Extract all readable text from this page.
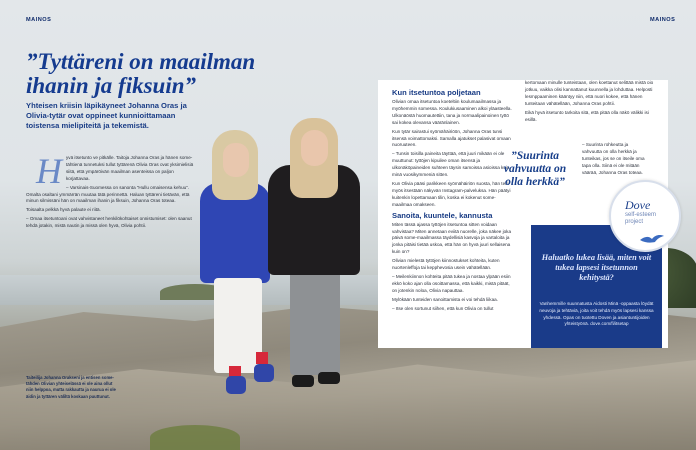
MAINOS	MAINOS
”Tyttäreni on maailman ihanin ja fiksuin”
Yhteisen kriisin läpikäyneet Johanna Oras ja Olivia-tytär ovat oppineet kunnioittamaan toistensa mielipiteitä ja tekemistä.
H yvä itsetunto ve pitkälle. Taitoja Johanna Oras ja hänen some-tähtienä tunnetuksi tullut tyttärenä Olivia Oras ovat yksimielisiä siitä, että ympäröivän maailman asenteissa on paljon korjattavaa.

– Varsinais-Suomessa on sanonta ”Hullu omaisensa kehuu”. Omalta osaltani ymmärrän muutaa tätä perinnettä. Haluan tyttäreni tietävän, että minun silmissäni hän on maailman ihanin ja fiksuin, Johanna Oras toteaa.

Toisaalta pelkkä hyvä palaute ei riitä.

– Omaa itsetuntoani ovat vahvistaneet henkilökohtaiset onnistumiset: olen saanut tehdä jotakin, mistä nautin ja missä olen hyvä, Olivia pohtii.

Taiteilija Johanna Orakseni ja entisen some-tähden Olivian yhteiselässä ei ole aina ollut niin helppoa, mutta rakkautta ja naurua ei ole äidin ja tyttären väliltä koskaan puuttunut.
Kun itsetuntoa poljetaan

Olivian omaa itsetuntoa koeteltiin koulumaailmassa ja myöhemmin somessa. Koulukiusaaminen alkoi yläasteella. Ulkonäöstä huomautettiin, tana ja normaalipainoinen tyttö sai kokea olevansa vääränlainen.

Kun tytär sairastui syömähäiriöön, Johanna Oras tunsi itsensä voimattomaksi. Samalla ajatukset palasivat omaan nuoruuteen.

– Tunsin toisilla paineita täyttää, että juuri mikään ei ole muuttunut: tyttöjen kipuilee oman itsensä ja ulkonäköpaineiden suhteen täysin samoissa asioissa kuin minä vuosikymmeniä sitten.

Kun Olivia pääsi parikkeen syömähäiriön suosta, hän teki myös itsestään näkyvän Instagram-palveluksa. Hän päätyi kuitenkin lopettamaan tilin, koska ei kokenut some-maailmaa omakseen.

Sanoita, kuuntele, kannusta

Miten tässä ajassa tyttöjen itsetuntoa sitten voidaan vahvistaa? Miten annetaan eviitä nuorelle, joka näkee joka päivä some-maailmassa täydellisiä kasvoja ja vartaloita ja jonka pitäisi tietää uskoa, että hän on hyvä juuri sellaisena kuin on?

Olivian mielestä tyttöjen kiinnostukset kohteita, kuten nuortenleffoja tai kepphevosia usein vähätellään.

– Meilenkiinnon kohteita pitää tukea ja nostaa ylpään esiin ekkö koko ajan olla osoittamassa, että kaikki, mistä pitäät, on jotenkin noloa, Olivia napauttaa.

Mylökään tunteiden sanoittamista ei voi tehdä liikaa.

– Itse olen sortunut siihen, että kun Olivia on tullut

kertomaan minulle tunteistaan, olen koettanut selittää mistä oio jotkuu, vaikka olisi kannattanut kuunnella ja lohduttaa. Helposti lesmppaaminen kääntyy niin, että nuori kokee, että hänen tunteitaan vähätellään, Johanna Oras pohtii.

Eikä hyvä itsetunto tarkoita sitä, että pitää olla näkö välikki isi esillä.

”Suurinta vahvuutta on olla herkkä”

– Suurinta rohkeutta ja vahvuutta on olla herkkä ja tunteikas, jos se on itseile oma tapa olla. Siinä ei ole mitään väärää, Johanna Oras toteaa.

Haluatko lukea lisää, miten voit tukea lapsesi itsetunnon kehitystä?
Vanhemmille suunnatusta Aidosti Minä -oppaasta löydät neuvoja ja tehtäviä, joita voit tehdä myös lapsesi kanssa yhdessä. Opas on tuotettu Doven ja asiantuntijoiden yhteistyönä. dove.com/fi/itsetap
Dove
self-esteem project
